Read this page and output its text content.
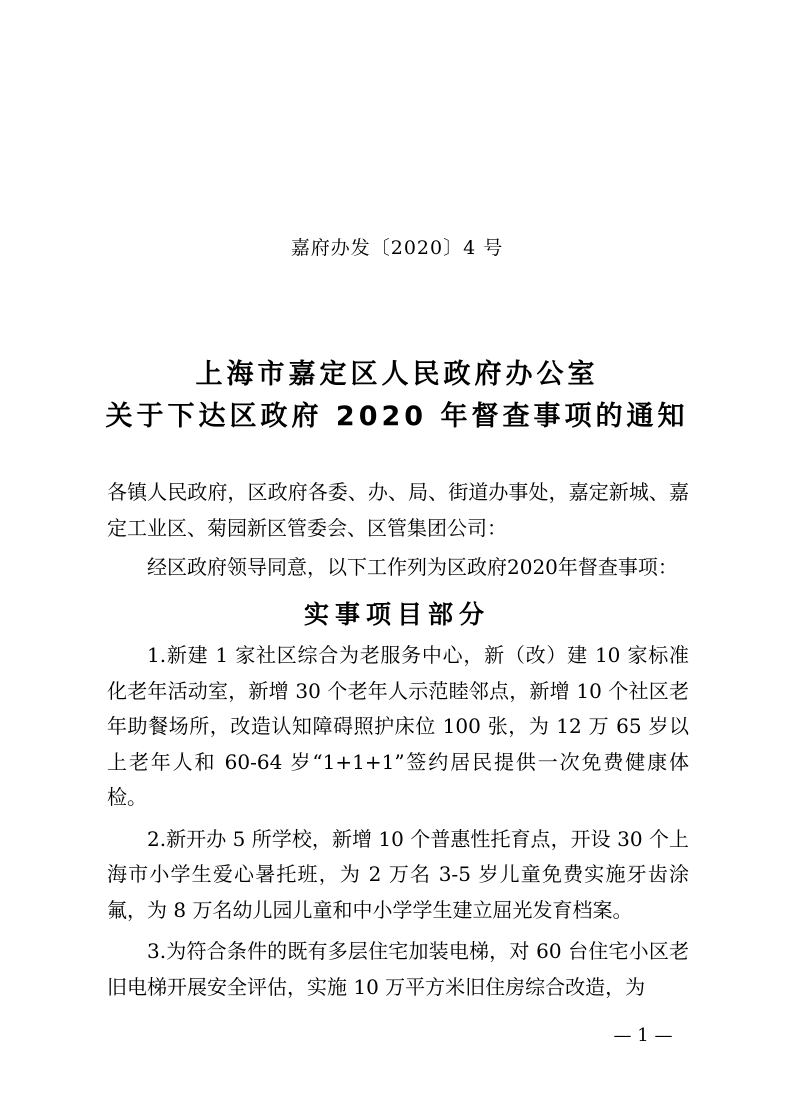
嘉府办发〔2020〕4 号
上海市嘉定区人民政府办公室
关于下达区政府 2020 年督查事项的通知
各镇人民政府，区政府各委、办、局、街道办事处，嘉定新城、嘉定工业区、菊园新区管委会、区管集团公司：
经区政府领导同意，以下工作列为区政府2020年督查事项：
实事项目部分

1.新建 1 家社区综合为老服务中心，新（改）建 10 家标准化老年活动室，新增 30 个老年人示范睦邻点，新增 10 个社区老年助餐场所，改造认知障碍照护床位 100 张，为 12 万 65 岁以上老年人和 60-64 岁“1+1+1”签约居民提供一次免费健康体检。

2.新开办 5 所学校，新增 10 个普惠性托育点，开设 30 个上海市小学生爱心暑托班，为 2 万名 3-5 岁儿童免费实施牙齿涂氟，为 8 万名幼儿园儿童和中小学学生建立屈光发育档案。

3.为符合条件的既有多层住宅加装电梯，对 60 台住宅小区老旧电梯开展安全评估，实施 10 万平方米旧住房综合改造，为

— 1 —
